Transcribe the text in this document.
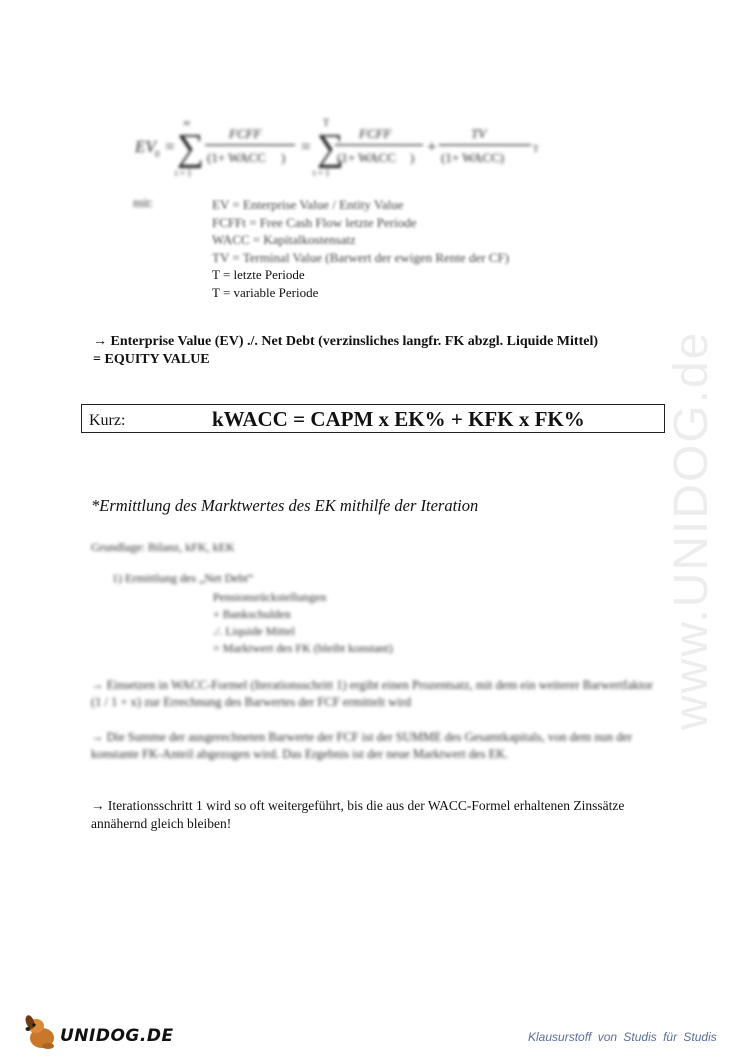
EV 0 =
∞
∑
t = 1
FCFF
(1+ WACC )
=
T
∑
t = 1
FCFF
(1+ WACC )
+
TV
(1+ WACC)
T
mit:	EV = Enterprise Value / Entity Value
FCFFt = Free Cash Flow letzte Periode
WACC = Kapitalkostensatz
TV = Terminal Value (Barwert der ewigen Rente der CF)
T = letzte Periode
T = variable Periode
→ Enterprise Value (EV) ./. Net Debt (verzinsliches langfr. FK abzgl. Liquide Mittel)
= EQUITY VALUE
Kurz:	kWACC = CAPM x EK% + KFK x FK%
*Ermittlung des Marktwertes des EK mithilfe der Iteration
Grundlage: Bilanz, kFK, kEK
1) Ermittlung des „Net Debt“
Pensionsrückstellungen
+ Bankschulden
./. Liquide Mittel
= Marktwert des FK (bleibt konstant)
→ Einsetzen in WACC-Formel (Iterationsschritt 1) ergibt einen Prozentsatz, mit dem ein weiterer Barwertfaktor (1 / 1 + x) zur Errechnung des Barwertes der FCF ermittelt wird
→ Die Summe der ausgerechneten Barwerte der FCF ist der SUMME des Gesamtkapitals, von dem nun der konstante FK-Anteil abgezogen wird. Das Ergebnis ist der neue Marktwert des EK.
→ Iterationsschritt 1 wird so oft weitergeführt, bis die aus der WACC-Formel erhaltenen Zinssätze annähernd gleich bleiben!
www.UNIDOG.de
UNIDOG.DE	Klausurstoff von Studis für Studis
